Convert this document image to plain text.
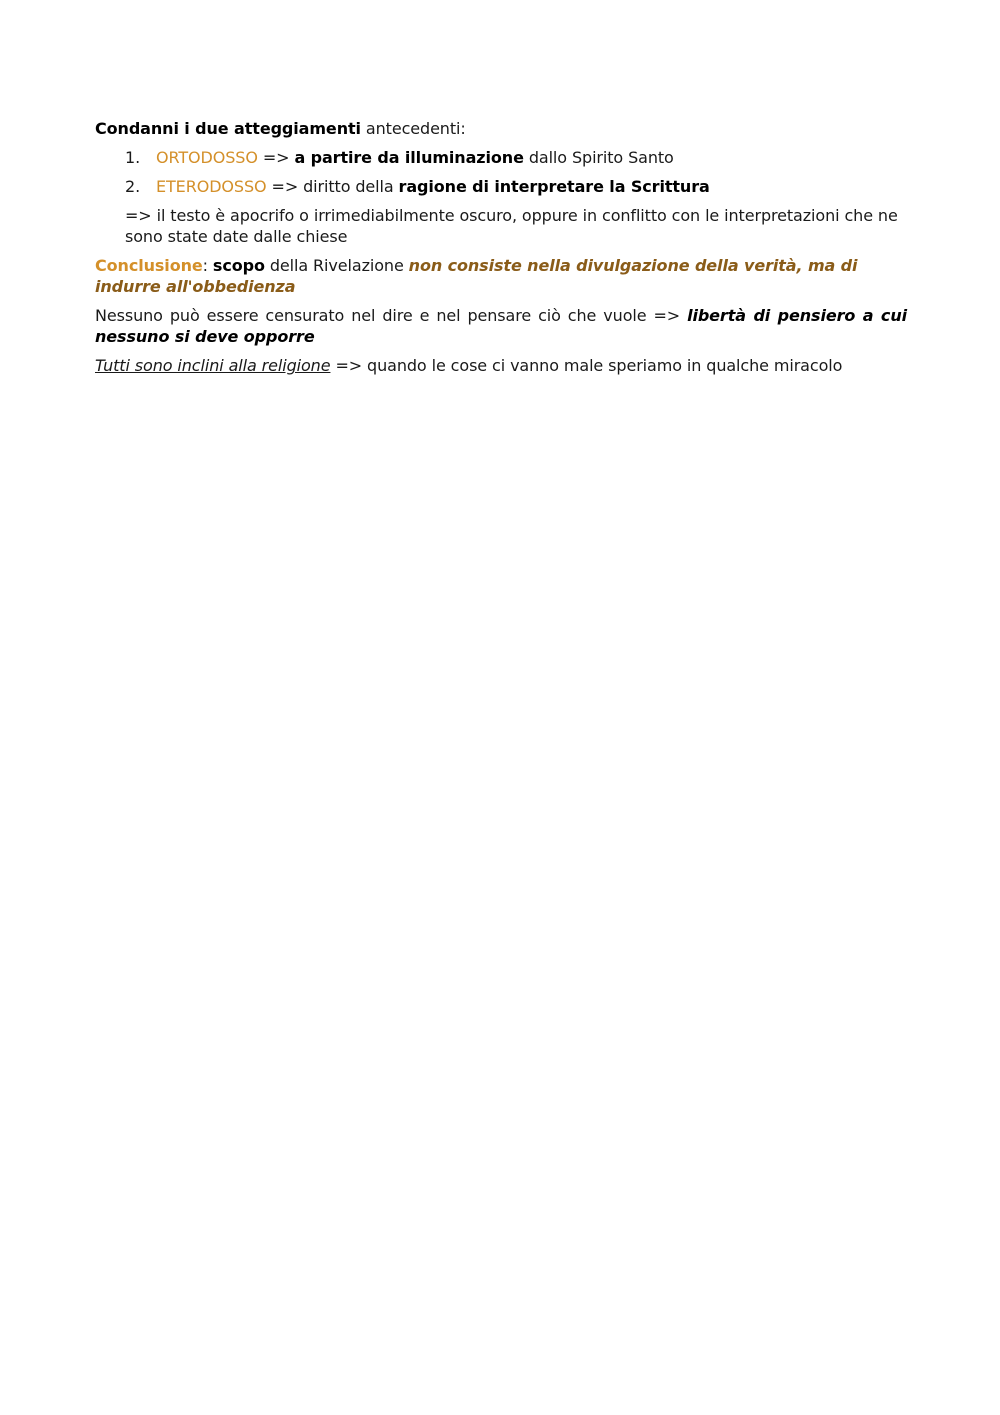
Condanni i due atteggiamenti antecedenti:

1. ORTODOSSO => a partire da illuminazione dallo Spirito Santo
2. ETERODOSSO => diritto della ragione di interpretare la Scrittura

=> il testo è apocrifo o irrimediabilmente oscuro, oppure in conflitto con le interpretazioni che ne sono state date dalle chiese

Conclusione: scopo della Rivelazione non consiste nella divulgazione della verità, ma di indurre all'obbedienza

Nessuno può essere censurato nel dire e nel pensare ciò che vuole => libertà di pensiero a cui nessuno si deve opporre

Tutti sono inclini alla religione => quando le cose ci vanno male speriamo in qualche miracolo
